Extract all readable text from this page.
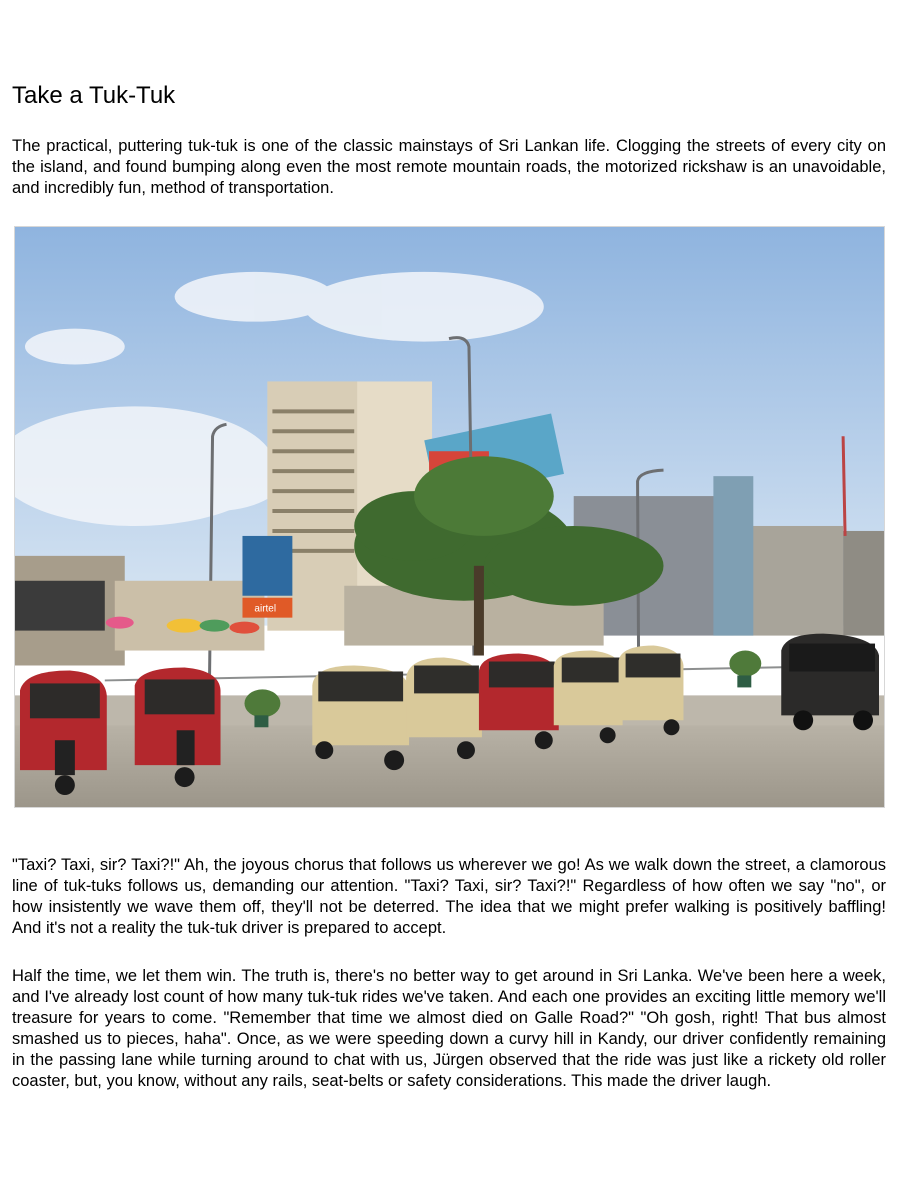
Take a Tuk-Tuk

The practical, puttering tuk-tuk is one of the classic mainstays of Sri Lankan life. Clogging the streets of every city on the island, and found bumping along even the most remote mountain roads, the motorized rickshaw is an unavoidable, and incredibly fun, method of transportation.

airtel

"Taxi? Taxi, sir? Taxi?!" Ah, the joyous chorus that follows us wherever we go! As we walk down the street, a clamorous line of tuk-tuks follows us, demanding our attention. "Taxi? Taxi, sir? Taxi?!" Regardless of how often we say "no", or how insistently we wave them off, they'll not be deterred. The idea that we might prefer walking is positively baffling! And it's not a reality the tuk-tuk driver is prepared to accept.

Half the time, we let them win. The truth is, there's no better way to get around in Sri Lanka. We've been here a week, and I've already lost count of how many tuk-tuk rides we've taken. And each one provides an exciting little memory we'll treasure for years to come. "Remember that time we almost died on Galle Road?" "Oh gosh, right! That bus almost smashed us to pieces, haha". Once, as we were speeding down a curvy hill in Kandy, our driver confidently remaining in the passing lane while turning around to chat with us, Jürgen observed that the ride was just like a rickety old roller coaster, but, you know, without any rails, seat-belts or safety considerations. This made the driver laugh.
